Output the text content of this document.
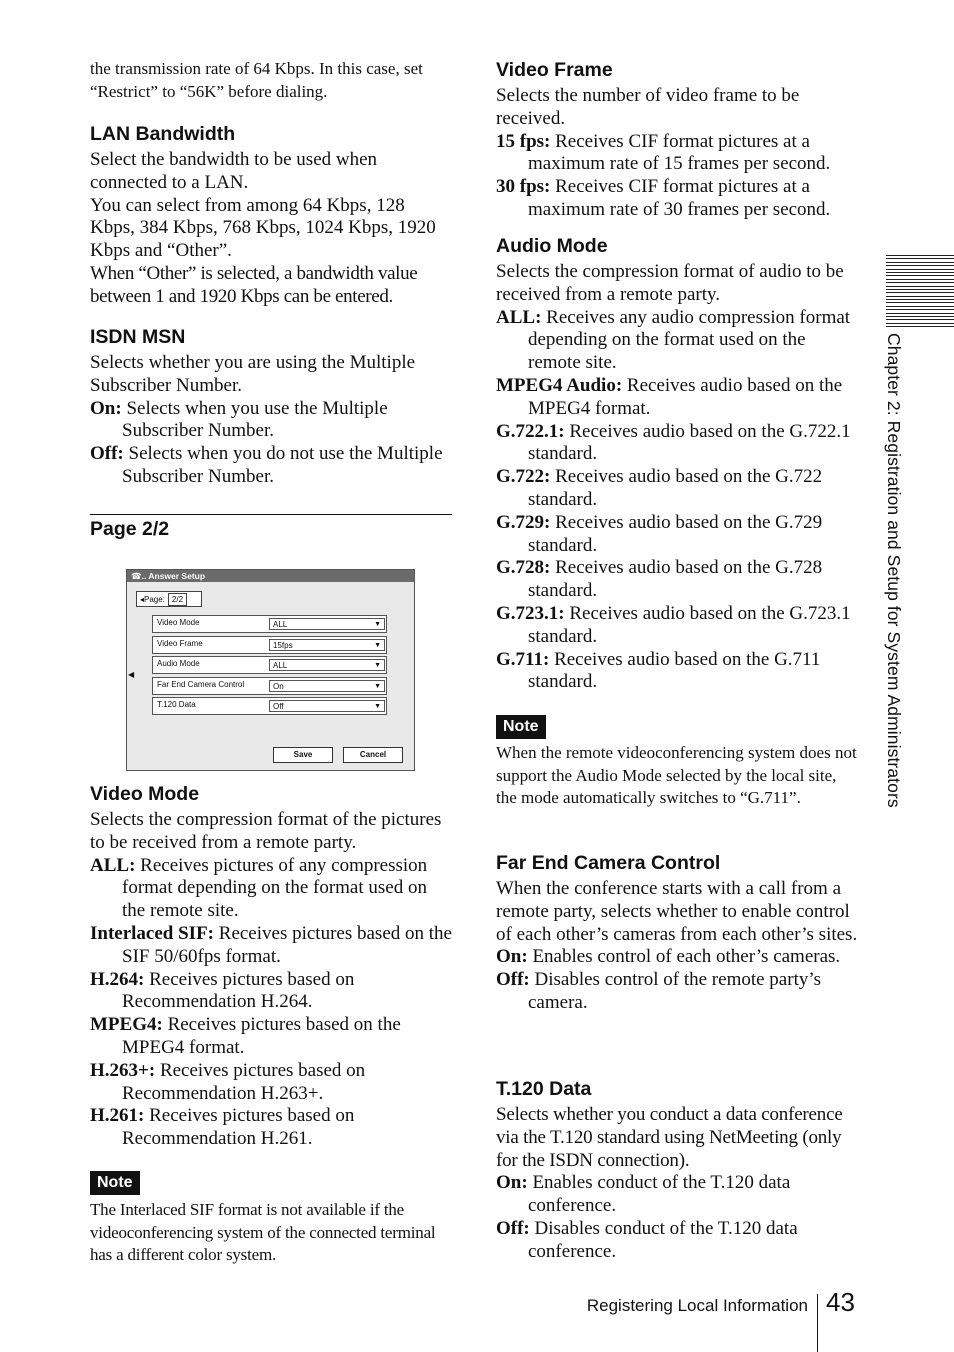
the transmission rate of 64 Kbps. In this case, set “Restrict” to “56K” before dialing.

LAN Bandwidth

Select the bandwidth to be used when connected to a LAN.

You can select from among 64 Kbps, 128 Kbps, 384 Kbps, 768 Kbps, 1024 Kbps, 1920 Kbps and “Other”.

When “Other” is selected, a bandwidth value between 1 and 1920 Kbps can be entered.

ISDN MSN

Selects whether you are using the Multiple Subscriber Number.

On: Selects when you use the Multiple Subscriber Number.

Off: Selects when you do not use the Multiple Subscriber Number.

Page 2/2
☎.. Answer Setup
◂Page: 2/2
◀
Video Mode	ALL	▼
Video Frame	15fps	▼
Audio Mode	ALL	▼
Far End Camera Control	On	▼
T.120 Data	Off	▼
Save	Cancel
Video Mode

Selects the compression format of the pictures to be received from a remote party.

ALL: Receives pictures of any compression format depending on the format used on the remote site.

Interlaced SIF: Receives pictures based on the SIF 50/60fps format.

H.264: Receives pictures based on Recommendation H.264.

MPEG4: Receives pictures based on the MPEG4 format.

H.263+: Receives pictures based on Recommendation H.263+.

H.261: Receives pictures based on Recommendation H.261.

Note

The Interlaced SIF format is not available if the videoconferencing system of the connected terminal has a different color system.

Video Frame

Selects the number of video frame to be received.

15 fps: Receives CIF format pictures at a maximum rate of 15 frames per second.

30 fps: Receives CIF format pictures at a maximum rate of 30 frames per second.

Audio Mode

Selects the compression format of audio to be received from a remote party.

ALL: Receives any audio compression format depending on the format used on the remote site.

MPEG4 Audio: Receives audio based on the MPEG4 format.

G.722.1: Receives audio based on the G.722.1 standard.

G.722: Receives audio based on the G.722 standard.

G.729: Receives audio based on the G.729 standard.

G.728: Receives audio based on the G.728 standard.

G.723.1: Receives audio based on the G.723.1 standard.

G.711: Receives audio based on the G.711 standard.

Note

When the remote videoconferencing system does not support the Audio Mode selected by the local site, the mode automatically switches to “G.711”.

Far End Camera Control

When the conference starts with a call from a remote party, selects whether to enable control of each other’s cameras from each other’s sites.

On: Enables control of each other’s cameras.

Off: Disables control of the remote party’s camera.

T.120 Data

Selects whether you conduct a data conference via the T.120 standard using NetMeeting (only for the ISDN connection).

On: Enables conduct of the T.120 data conference.

Off: Disables conduct of the T.120 data conference.

Chapter 2: Registration and Setup for System Administrators
Registering Local Information 43
